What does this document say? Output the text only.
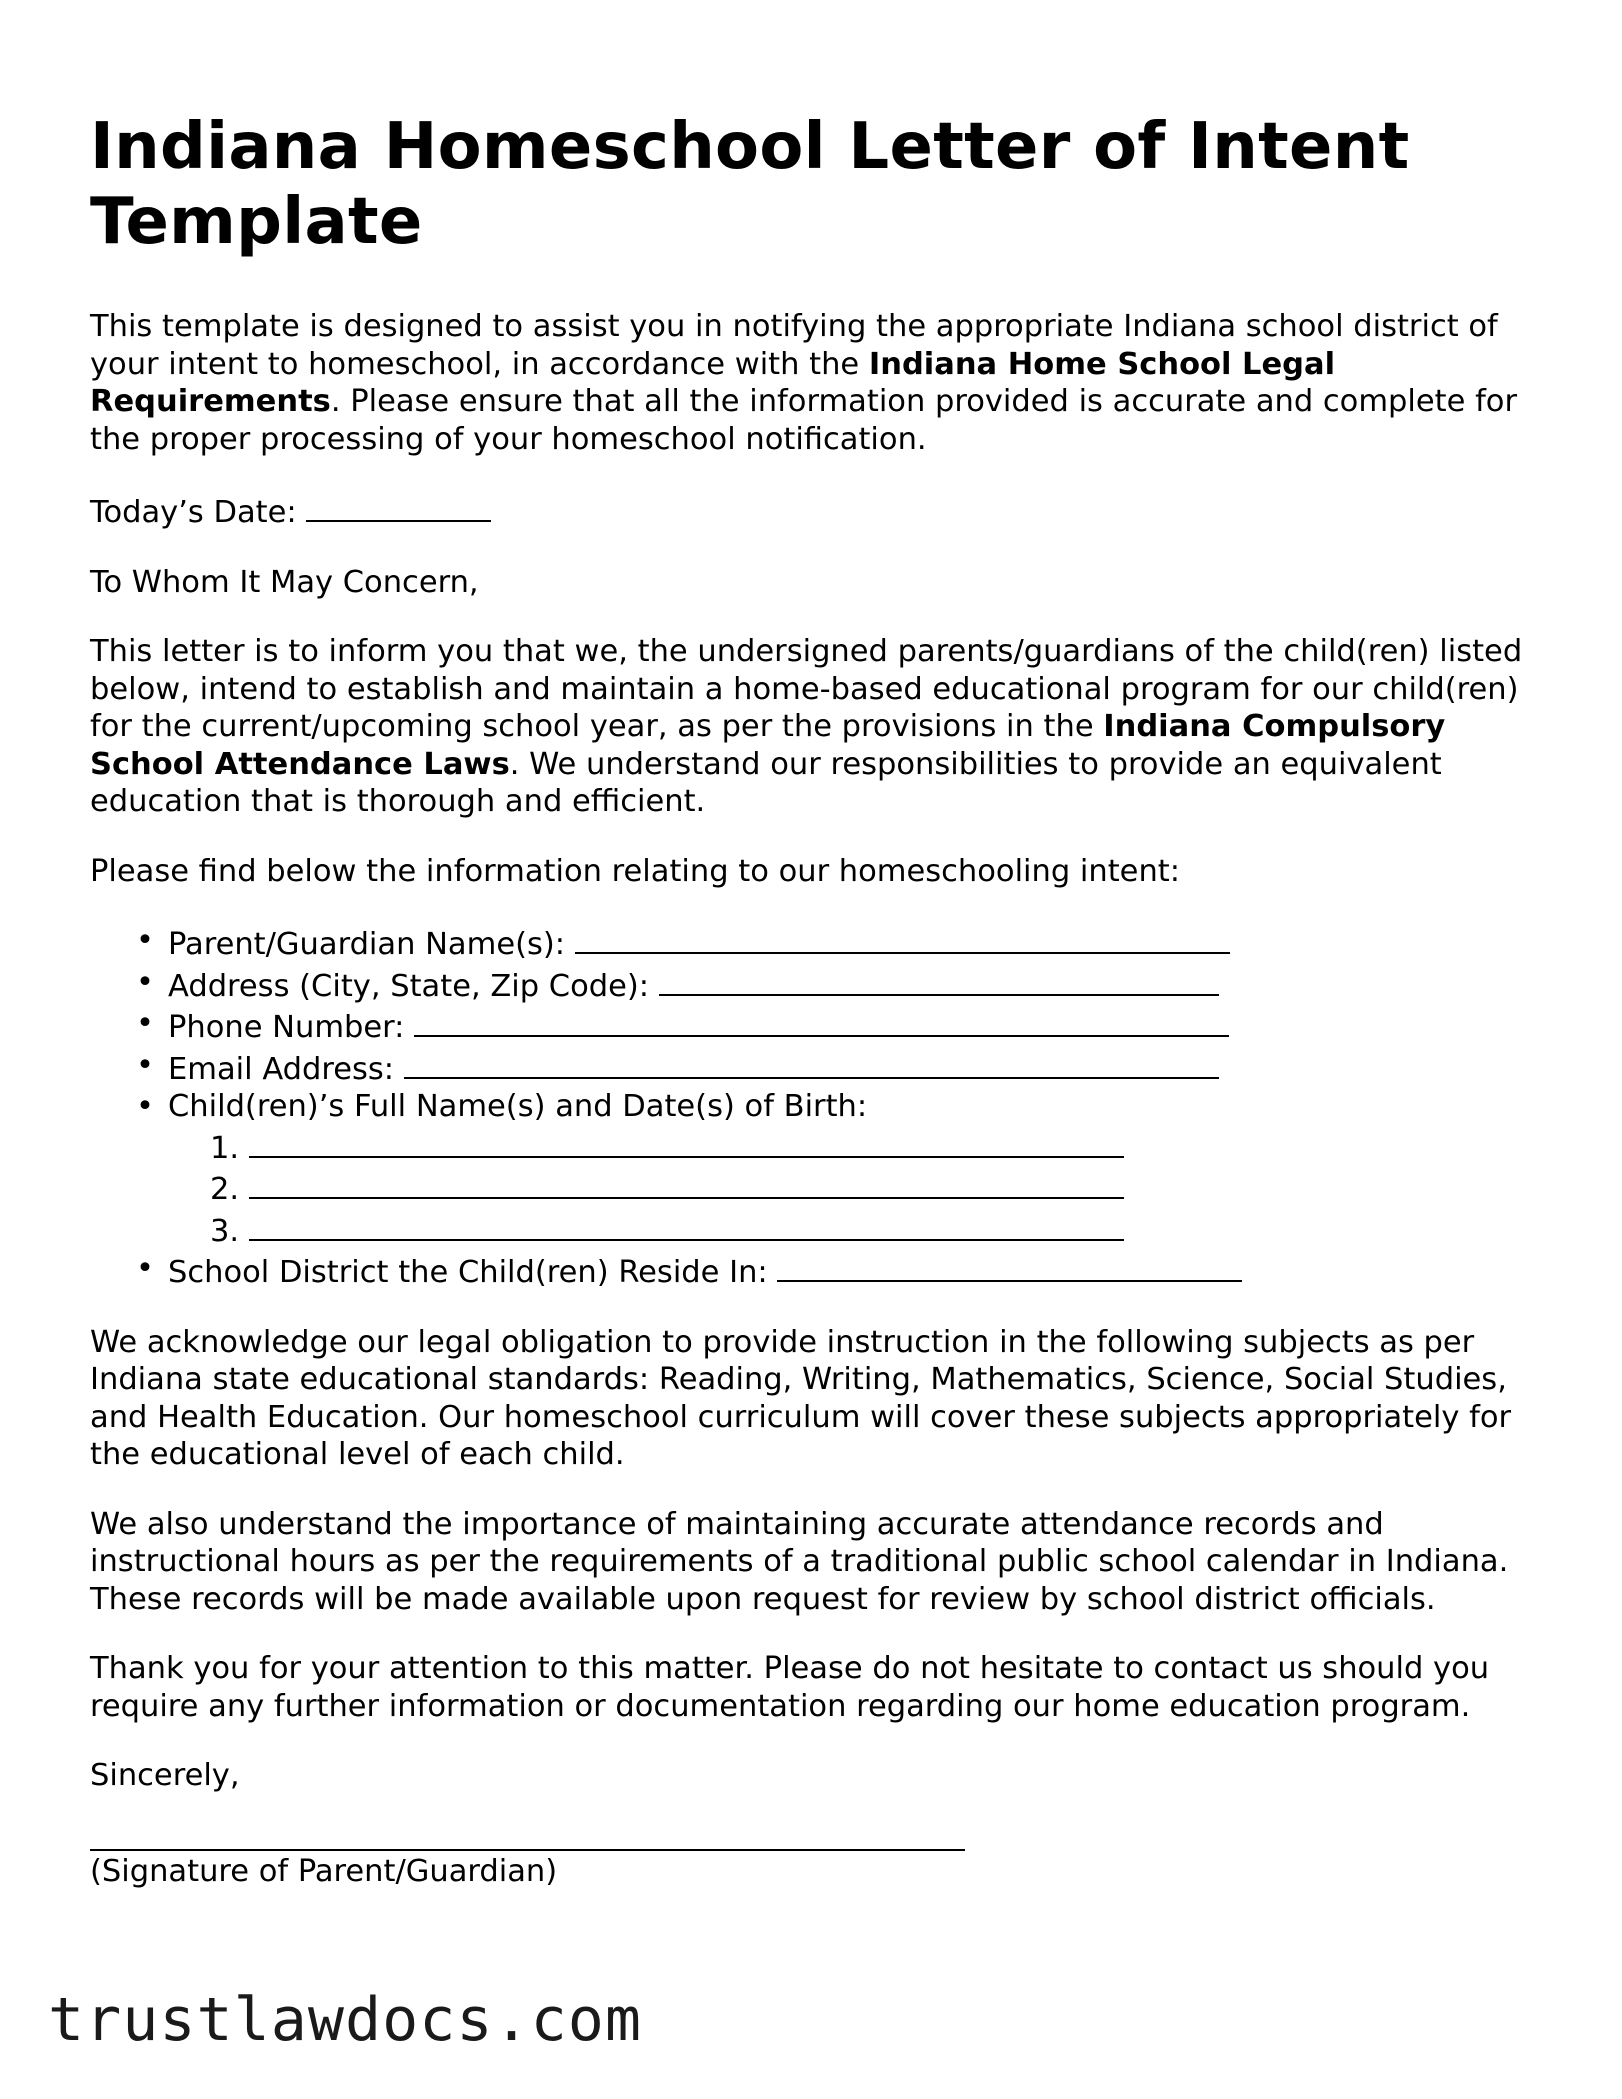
Indiana Homeschool Letter of Intent Template

This template is designed to assist you in notifying the appropriate Indiana school district of your intent to homeschool, in accordance with the Indiana Home School Legal Requirements. Please ensure that all the information provided is accurate and complete for the proper processing of your homeschool notification.

Today’s Date:

To Whom It May Concern,

This letter is to inform you that we, the undersigned parents/guardians of the child(ren) listed below, intend to establish and maintain a home-based educational program for our child(ren) for the current/upcoming school year, as per the provisions in the Indiana Compulsory School Attendance Laws. We understand our responsibilities to provide an equivalent education that is thorough and efficient.

Please find below the information relating to our homeschooling intent:

• Parent/Guardian Name(s):
• Address (City, State, Zip Code):
• Phone Number:
• Email Address:
• Child(ren)’s Full Name(s) and Date(s) of Birth:
1.
2.
3.
• School District the Child(ren) Reside In:

We acknowledge our legal obligation to provide instruction in the following subjects as per Indiana state educational standards: Reading, Writing, Mathematics, Science, Social Studies, and Health Education. Our homeschool curriculum will cover these subjects appropriately for the educational level of each child.

We also understand the importance of maintaining accurate attendance records and instructional hours as per the requirements of a traditional public school calendar in Indiana. These records will be made available upon request for review by school district officials.

Thank you for your attention to this matter. Please do not hesitate to contact us should you require any further information or documentation regarding our home education program.

Sincerely,

(Signature of Parent/Guardian)
trustlawdocs.com
